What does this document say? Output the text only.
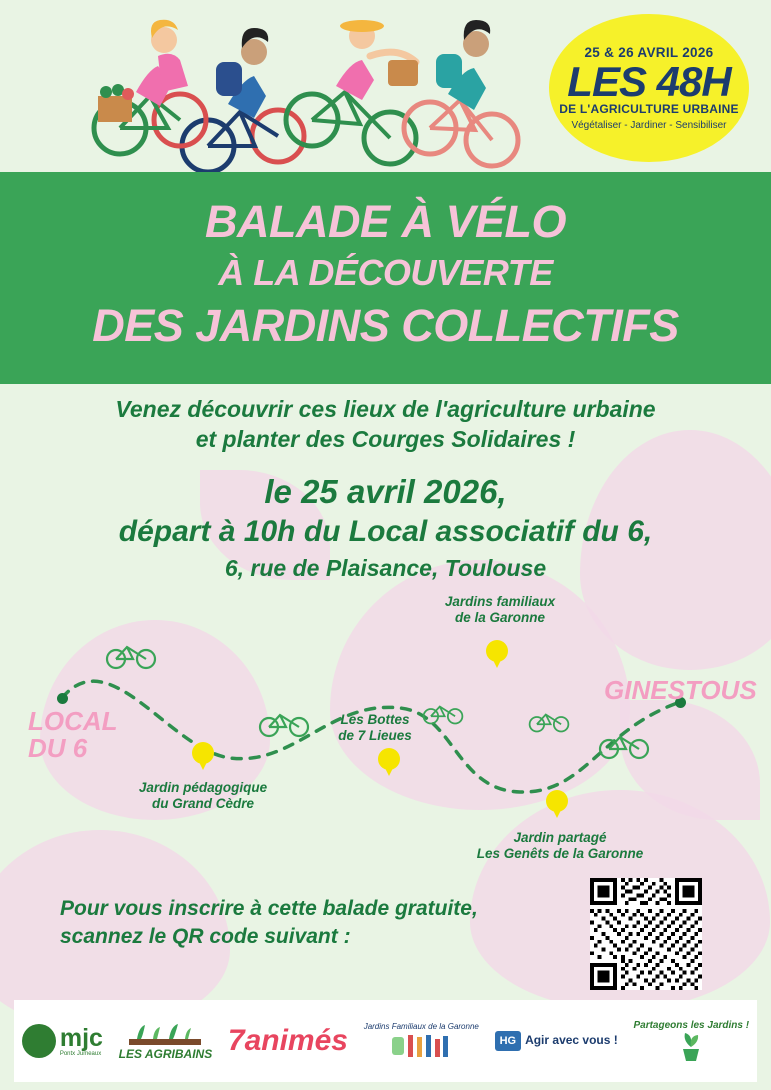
25 & 26 AVRIL 2026
LES 48H
DE L'AGRICULTURE URBAINE
Végétaliser - Jardiner - Sensibiliser
BALADE À VÉLO
À LA DÉCOUVERTE
DES JARDINS COLLECTIFS
Venez découvrir ces lieux de l'agriculture urbaine
et planter des Courges Solidaires !
le 25 avril 2026,
départ à 10h du Local associatif du 6,
6, rue de Plaisance, Toulouse
LOCAL
DU 6
GINESTOUS
Jardin pédagogique
du Grand Cèdre
Les Bottes
de 7 Lieues
Jardins familiaux
de la Garonne
Jardin partagé
Les Genêts de la Garonne
Pour vous inscrire à cette balade gratuite,
scannez le QR code suivant :
mjc
Pontx Jumeaux LES AGRIBAINS 7animés Jardins Familiaux de la Garonne
HG Agir avec vous !
Partageons les Jardins !
